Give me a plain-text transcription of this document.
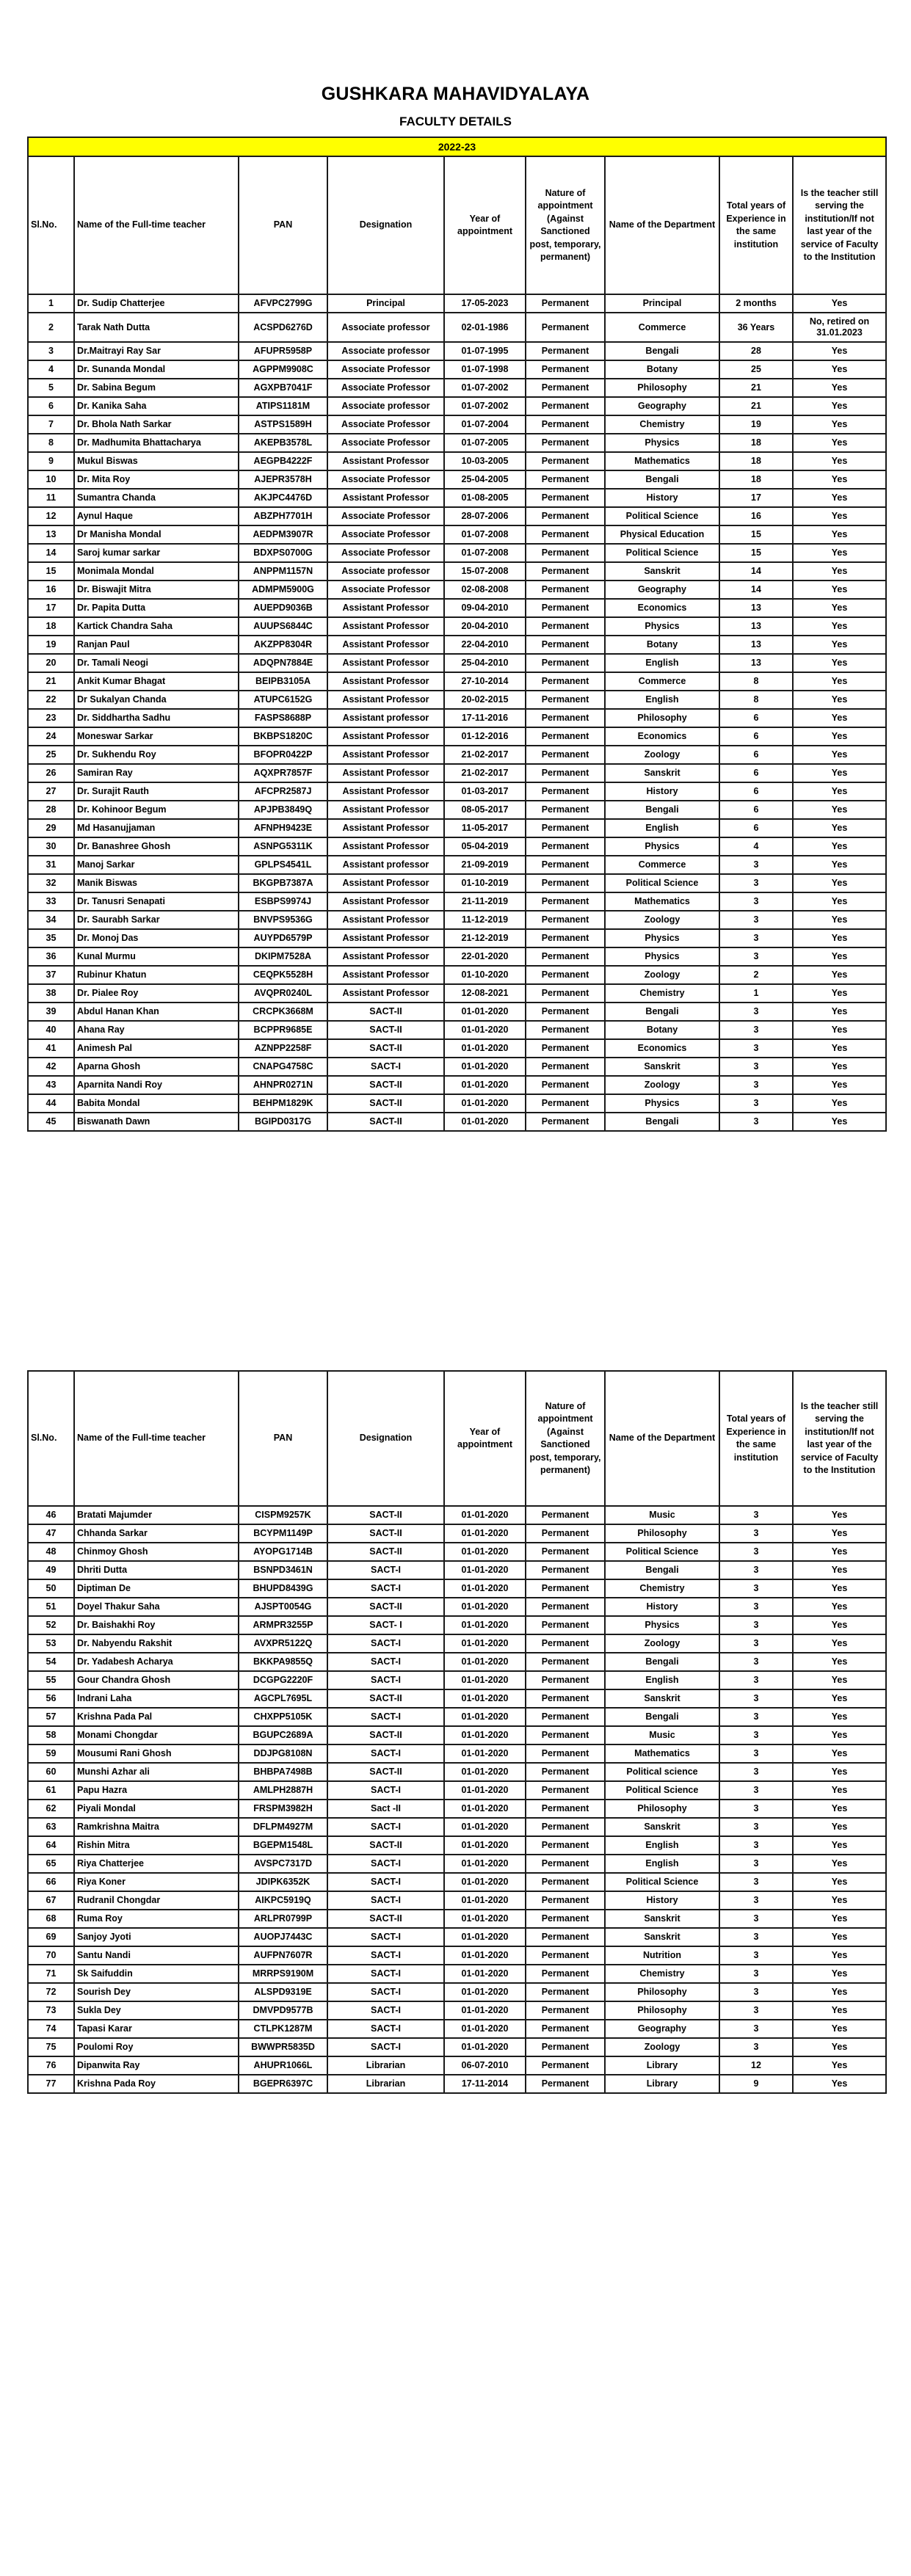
GUSHKARA MAHAVIDYALAYA
FACULTY DETAILS
2022-23								
Sl.No.	Name of the Full-time teacher	PAN	Designation	Year of appointment	Nature of appointment (Against Sanctioned post, temporary, permanent)	Name of the Department	Total years of Experience in the same institution	Is the teacher still serving the institution/If not last year of the service of Faculty to the Institution
1	Dr. Sudip Chatterjee	AFVPC2799G	Principal	17-05-2023	Permanent	Principal	2 months	Yes
2	Tarak Nath Dutta	ACSPD6276D	Associate professor	02-01-1986	Permanent	Commerce	36 Years	No, retired on 31.01.2023
3	Dr.Maitrayi Ray Sar	AFUPR5958P	Associate professor	01-07-1995	Permanent	Bengali	28	Yes
4	Dr. Sunanda Mondal	AGPPM9908C	Associate Professor	01-07-1998	Permanent	Botany	25	Yes
5	Dr. Sabina Begum	AGXPB7041F	Associate Professor	01-07-2002	Permanent	Philosophy	21	Yes
6	Dr. Kanika Saha	ATIPS1181M	Associate professor	01-07-2002	Permanent	Geography	21	Yes
7	Dr. Bhola Nath Sarkar	ASTPS1589H	Associate Professor	01-07-2004	Permanent	Chemistry	19	Yes
8	Dr. Madhumita Bhattacharya	AKEPB3578L	Associate Professor	01-07-2005	Permanent	Physics	18	Yes
9	Mukul Biswas	AEGPB4222F	Assistant Professor	10-03-2005	Permanent	Mathematics	18	Yes
10	Dr. Mita Roy	AJEPR3578H	Associate Professor	25-04-2005	Permanent	Bengali	18	Yes
11	Sumantra Chanda	AKJPC4476D	Assistant Professor	01-08-2005	Permanent	History	17	Yes
12	Aynul Haque	ABZPH7701H	Associate Professor	28-07-2006	Permanent	Political Science	16	Yes
13	Dr Manisha Mondal	AEDPM3907R	Associate Professor	01-07-2008	Permanent	Physical Education	15	Yes
14	Saroj kumar sarkar	BDXPS0700G	Associate Professor	01-07-2008	Permanent	Political Science	15	Yes
15	Monimala Mondal	ANPPM1157N	Associate professor	15-07-2008	Permanent	Sanskrit	14	Yes
16	Dr. Biswajit Mitra	ADMPM5900G	Associate Professor	02-08-2008	Permanent	Geography	14	Yes
17	Dr. Papita Dutta	AUEPD9036B	Assistant Professor	09-04-2010	Permanent	Economics	13	Yes
18	Kartick Chandra Saha	AUUPS6844C	Assistant Professor	20-04-2010	Permanent	Physics	13	Yes
19	Ranjan Paul	AKZPP8304R	Assistant Professor	22-04-2010	Permanent	Botany	13	Yes
20	Dr. Tamali Neogi	ADQPN7884E	Assistant Professor	25-04-2010	Permanent	English	13	Yes
21	Ankit Kumar Bhagat	BEIPB3105A	Assistant Professor	27-10-2014	Permanent	Commerce	8	Yes
22	Dr Sukalyan Chanda	ATUPC6152G	Assistant Professor	20-02-2015	Permanent	English	8	Yes
23	Dr. Siddhartha Sadhu	FASPS8688P	Assistant professor	17-11-2016	Permanent	Philosophy	6	Yes
24	Moneswar Sarkar	BKBPS1820C	Assistant Professor	01-12-2016	Permanent	Economics	6	Yes
25	Dr. Sukhendu Roy	BFOPR0422P	Assistant Professor	21-02-2017	Permanent	Zoology	6	Yes
26	Samiran Ray	AQXPR7857F	Assistant Professor	21-02-2017	Permanent	Sanskrit	6	Yes
27	Dr. Surajit Rauth	AFCPR2587J	Assistant Professor	01-03-2017	Permanent	History	6	Yes
28	Dr. Kohinoor Begum	APJPB3849Q	Assistant Professor	08-05-2017	Permanent	Bengali	6	Yes
29	Md Hasanujjaman	AFNPH9423E	Assistant Professor	11-05-2017	Permanent	English	6	Yes
30	Dr. Banashree Ghosh	ASNPG5311K	Assistant Professor	05-04-2019	Permanent	Physics	4	Yes
31	Manoj Sarkar	GPLPS4541L	Assistant professor	21-09-2019	Permanent	Commerce	3	Yes
32	Manik Biswas	BKGPB7387A	Assistant Professor	01-10-2019	Permanent	Political Science	3	Yes
33	Dr. Tanusri Senapati	ESBPS9974J	Assistant Professor	21-11-2019	Permanent	Mathematics	3	Yes
34	Dr. Saurabh Sarkar	BNVPS9536G	Assistant Professor	11-12-2019	Permanent	Zoology	3	Yes
35	Dr. Monoj Das	AUYPD6579P	Assistant Professor	21-12-2019	Permanent	Physics	3	Yes
36	Kunal Murmu	DKIPM7528A	Assistant Professor	22-01-2020	Permanent	Physics	3	Yes
37	Rubinur Khatun	CEQPK5528H	Assistant Professor	01-10-2020	Permanent	Zoology	2	Yes
38	Dr. Pialee Roy	AVQPR0240L	Assistant Professor	12-08-2021	Permanent	Chemistry	1	Yes
39	Abdul Hanan Khan	CRCPK3668M	SACT-II	01-01-2020	Permanent	Bengali	3	Yes
40	Ahana Ray	BCPPR9685E	SACT-II	01-01-2020	Permanent	Botany	3	Yes
41	Animesh Pal	AZNPP2258F	SACT-II	01-01-2020	Permanent	Economics	3	Yes
42	Aparna Ghosh	CNAPG4758C	SACT-I	01-01-2020	Permanent	Sanskrit	3	Yes
43	Aparnita Nandi Roy	AHNPR0271N	SACT-II	01-01-2020	Permanent	Zoology	3	Yes
44	Babita Mondal	BEHPM1829K	SACT-II	01-01-2020	Permanent	Physics	3	Yes
45	Biswanath Dawn	BGIPD0317G	SACT-II	01-01-2020	Permanent	Bengali	3	Yes
Sl.No.	Name of the Full-time teacher	PAN	Designation	Year of appointment	Nature of appointment (Against Sanctioned post, temporary, permanent)	Name of the Department	Total years of Experience in the same institution	Is the teacher still serving the institution/If not last year of the service of Faculty to the Institution
46	Bratati Majumder	CISPM9257K	SACT-II	01-01-2020	Permanent	Music	3	Yes
47	Chhanda Sarkar	BCYPM1149P	SACT-II	01-01-2020	Permanent	Philosophy	3	Yes
48	Chinmoy Ghosh	AYOPG1714B	SACT-II	01-01-2020	Permanent	Political Science	3	Yes
49	Dhriti Dutta	BSNPD3461N	SACT-I	01-01-2020	Permanent	Bengali	3	Yes
50	Diptiman De	BHUPD8439G	SACT-I	01-01-2020	Permanent	Chemistry	3	Yes
51	Doyel Thakur Saha	AJSPT0054G	SACT-II	01-01-2020	Permanent	History	3	Yes
52	Dr. Baishakhi Roy	ARMPR3255P	SACT- I	01-01-2020	Permanent	Physics	3	Yes
53	Dr. Nabyendu Rakshit	AVXPR5122Q	SACT-I	01-01-2020	Permanent	Zoology	3	Yes
54	Dr. Yadabesh Acharya	BKKPA9855Q	SACT-I	01-01-2020	Permanent	Bengali	3	Yes
55	Gour Chandra Ghosh	DCGPG2220F	SACT-I	01-01-2020	Permanent	English	3	Yes
56	Indrani Laha	AGCPL7695L	SACT-II	01-01-2020	Permanent	Sanskrit	3	Yes
57	Krishna Pada Pal	CHXPP5105K	SACT-I	01-01-2020	Permanent	Bengali	3	Yes
58	Monami Chongdar	BGUPC2689A	SACT-II	01-01-2020	Permanent	Music	3	Yes
59	Mousumi Rani Ghosh	DDJPG8108N	SACT-I	01-01-2020	Permanent	Mathematics	3	Yes
60	Munshi Azhar ali	BHBPA7498B	SACT-II	01-01-2020	Permanent	Political science	3	Yes
61	Papu Hazra	AMLPH2887H	SACT-I	01-01-2020	Permanent	Political Science	3	Yes
62	Piyali Mondal	FRSPM3982H	Sact -II	01-01-2020	Permanent	Philosophy	3	Yes
63	Ramkrishna Maitra	DFLPM4927M	SACT-I	01-01-2020	Permanent	Sanskrit	3	Yes
64	Rishin Mitra	BGEPM1548L	SACT-II	01-01-2020	Permanent	English	3	Yes
65	Riya Chatterjee	AVSPC7317D	SACT-I	01-01-2020	Permanent	English	3	Yes
66	Riya Koner	JDIPK6352K	SACT-I	01-01-2020	Permanent	Political Science	3	Yes
67	Rudranil Chongdar	AIKPC5919Q	SACT-I	01-01-2020	Permanent	History	3	Yes
68	Ruma Roy	ARLPR0799P	SACT-II	01-01-2020	Permanent	Sanskrit	3	Yes
69	Sanjoy Jyoti	AUOPJ7443C	SACT-I	01-01-2020	Permanent	Sanskrit	3	Yes
70	Santu Nandi	AUFPN7607R	SACT-I	01-01-2020	Permanent	Nutrition	3	Yes
71	Sk Saifuddin	MRRPS9190M	SACT-I	01-01-2020	Permanent	Chemistry	3	Yes
72	Sourish Dey	ALSPD9319E	SACT-I	01-01-2020	Permanent	Philosophy	3	Yes
73	Sukla Dey	DMVPD9577B	SACT-I	01-01-2020	Permanent	Philosophy	3	Yes
74	Tapasi Karar	CTLPK1287M	SACT-I	01-01-2020	Permanent	Geography	3	Yes
75	Poulomi Roy	BWWPR5835D	SACT-I	01-01-2020	Permanent	Zoology	3	Yes
76	Dipanwita Ray	AHUPR1066L	Librarian	06-07-2010	Permanent	Library	12	Yes
77	Krishna Pada Roy	BGEPR6397C	Librarian	17-11-2014	Permanent	Library	9	Yes
